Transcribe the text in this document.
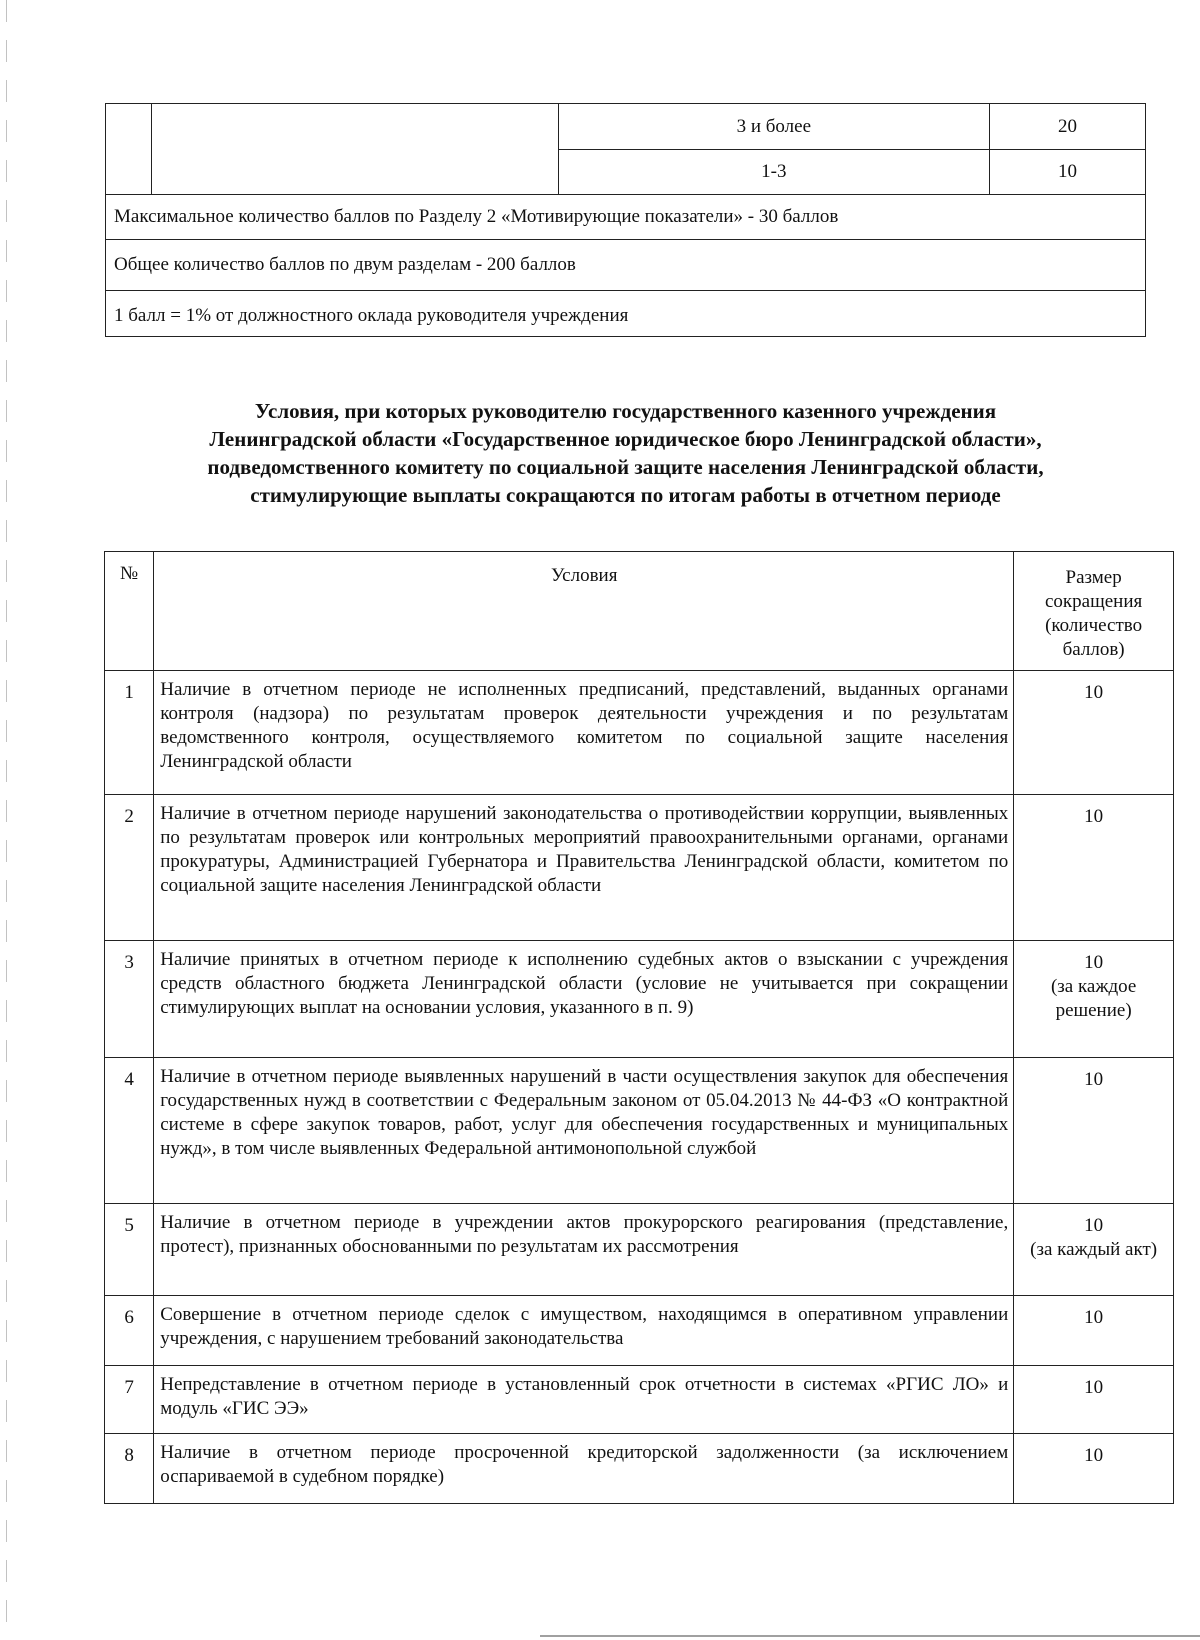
		3 и более	20
		1-3	10
Максимальное количество баллов по Разделу 2 «Мотивирующие показатели» - 30 баллов			
Общее количество баллов по двум разделам - 200 баллов			
1 балл = 1% от должностного оклада руководителя учреждения			
Условия, при которых руководителю государственного казенного учреждения
Ленинградской области «Государственное юридическое бюро Ленинградской области»,
подведомственного комитету по социальной защите населения Ленинградской области,
стимулирующие выплаты сокращаются по итогам работы в отчетном периоде
№	Условия	Размер
сокращения
(количество
баллов)

1	Наличие в отчетном периоде не исполненных предписаний, представлений, выданных органами контроля (надзора) по результатам проверок деятельности учреждения и по результатам ведомственного контроля, осуществляемого комитетом по социальной защите населения Ленинградской области	10

2	Наличие в отчетном периоде нарушений законодательства о противодействии коррупции, выявленных по результатам проверок или контрольных мероприятий правоохранительными органами, органами прокуратуры, Администрацией Губернатора и Правительства Ленинградской области, комитетом по социальной защите населения Ленинградской области	10

3	Наличие принятых в отчетном периоде к исполнению судебных актов о взыскании с учреждения средств областного бюджета Ленинградской области (условие не учитывается при сокращении стимулирующих выплат на основании условия, указанного в п. 9)	10
(за каждое решение)

4	Наличие в отчетном периоде выявленных нарушений в части осуществления закупок для обеспечения государственных нужд в соответствии с Федеральным законом от 05.04.2013 № 44-ФЗ «О контрактной системе в сфере закупок товаров, работ, услуг для обеспечения государственных и муниципальных нужд», в том числе выявленных Федеральной антимонопольной службой	10

5	Наличие в отчетном периоде в учреждении актов прокурорского реагирования (представление, протест), признанных обоснованными по результатам их рассмотрения	10
(за каждый акт)

6	Совершение в отчетном периоде сделок с имуществом, находящимся в оперативном управлении учреждения, с нарушением требований законодательства	10

7	Непредставление в отчетном периоде в установленный срок отчетности в системах «РГИС ЛО» и модуль «ГИС ЭЭ»	10

8	Наличие в отчетном периоде просроченной кредиторской задолженности (за исключением оспариваемой в судебном порядке)	10
